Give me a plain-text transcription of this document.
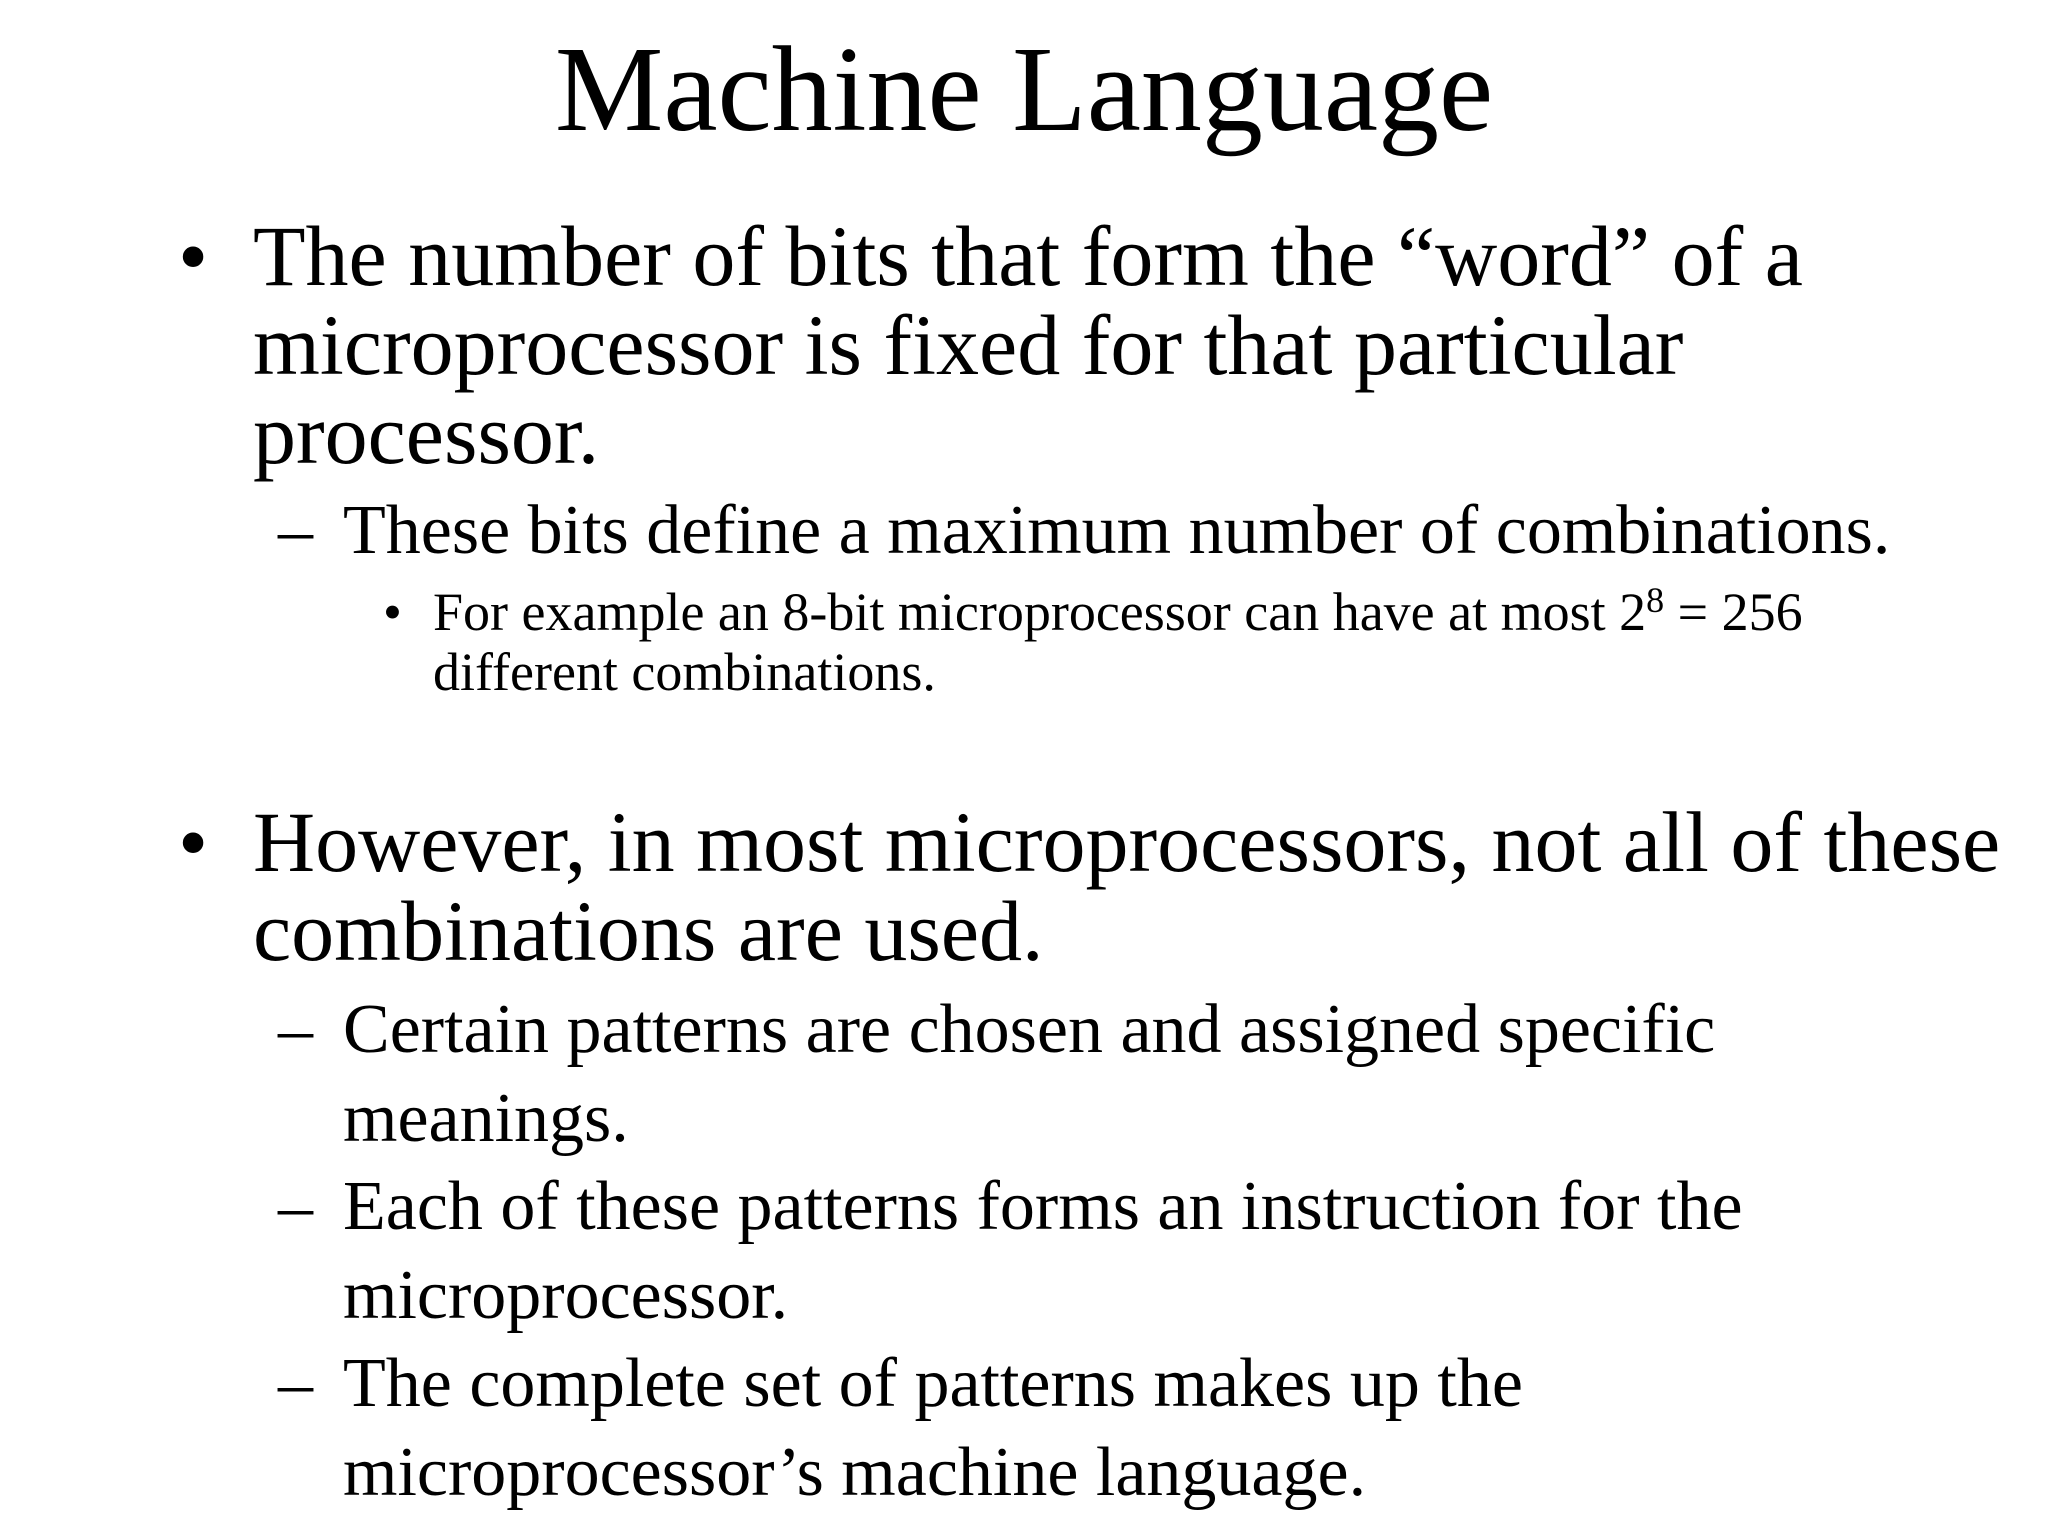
Machine Language
• The number of bits that form the “word” of a
microprocessor is fixed for that particular
processor.
– These bits define a maximum number of combinations.
• For example an 8-bit microprocessor can have at most $2^8 = 256$
different combinations.
• However, in most microprocessors, not all of these
combinations are used.
– Certain patterns are chosen and assigned specific
meanings.
– Each of these patterns forms an instruction for the
microprocessor.
– The complete set of patterns makes up the
microprocessor’s machine language.
